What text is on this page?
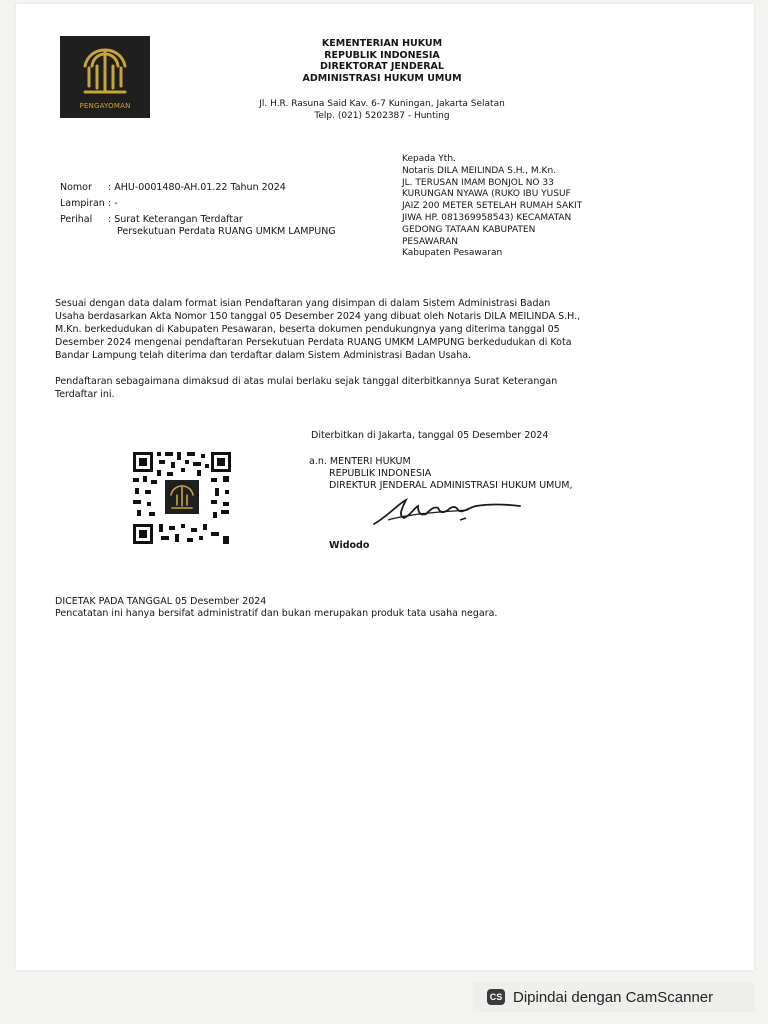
PENGAYOMAN
KEMENTERIAN HUKUM
REPUBLIK INDONESIA
DIREKTORAT JENDERAL
ADMINISTRASI HUKUM UMUM
Jl. H.R. Rasuna Said Kav. 6-7 Kuningan, Jakarta Selatan
Telp. (021) 5202387 - Hunting
Nomor : AHU-0001480-AH.01.22 Tahun 2024
Lampiran : -
Perihal : Surat Keterangan Terdaftar
Persekutuan Perdata RUANG UMKM LAMPUNG
Kepada Yth.
Notaris DILA MEILINDA S.H., M.Kn.
JL. TERUSAN IMAM BONJOL NO 33
KURUNGAN NYAWA (RUKO IBU YUSUF
JAIZ 200 METER SETELAH RUMAH SAKIT
JIWA HP. 081369958543) KECAMATAN
GEDONG TATAAN KABUPATEN
PESAWARAN
Kabupaten Pesawaran
Sesuai dengan data dalam format isian Pendaftaran yang disimpan di dalam Sistem Administrasi Badan
Usaha berdasarkan Akta Nomor 150 tanggal 05 Desember 2024 yang dibuat oleh Notaris DILA MEILINDA S.H.,
M.Kn. berkedudukan di Kabupaten Pesawaran, beserta dokumen pendukungnya yang diterima tanggal 05
Desember 2024 mengenai pendaftaran Persekutuan Perdata RUANG UMKM LAMPUNG berkedudukan di Kota
Bandar Lampung telah diterima dan terdaftar dalam Sistem Administrasi Badan Usaha.
Pendaftaran sebagaimana dimaksud di atas mulai berlaku sejak tanggal diterbitkannya Surat Keterangan
Terdaftar ini.
Diterbitkan di Jakarta, tanggal 05 Desember 2024
a.n. MENTERI HUKUM
REPUBLIK INDONESIA
DIREKTUR JENDERAL ADMINISTRASI HUKUM UMUM,
Widodo
DICETAK PADA TANGGAL 05 Desember 2024
Pencatatan ini hanya bersifat administratif dan bukan merupakan produk tata usaha negara.
CS Dipindai dengan CamScanner
